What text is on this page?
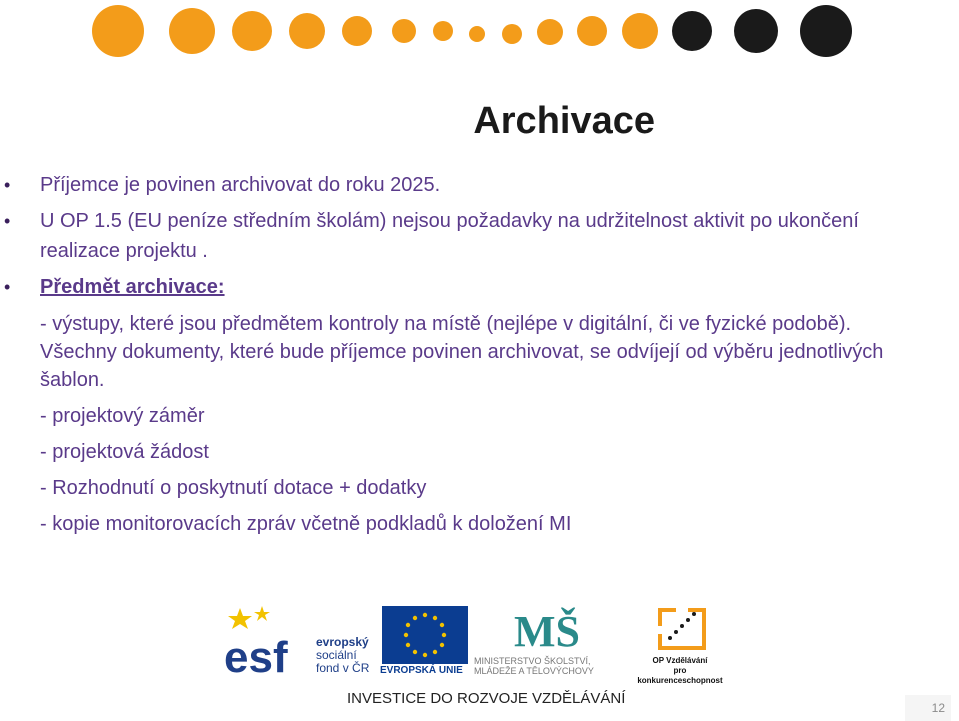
Archivace
• Příjemce je povinen archivovat do roku 2025.
• U OP 1.5 (EU peníze středním školám) nejsou požadavky na udržitelnost aktivit po ukončení realizace projektu .
• Předmět archivace:
- výstupy, které jsou předmětem kontroly na místě (nejlépe v digitální, či ve fyzické podobě). Všechny dokumenty, které bude příjemce povinen archivovat, se odvíjejí od výběru jednotlivých šablon.
- projektový záměr
- projektová žádost
- Rozhodnutí o poskytnutí dotace + dodatky
- kopie monitorovacích zpráv včetně podkladů k doložení MI
esf evropský
sociální
fond v ČR EVROPSKÁ UNIE
MŠ
MINISTERSTVO ŠKOLSTVÍ,
MLÁDEŽE A TĚLOVÝCHOVY
OP Vzdělávání
pro konkurenceschopnost
INVESTICE DO ROZVOJE VZDĚLÁVÁNÍ
12
